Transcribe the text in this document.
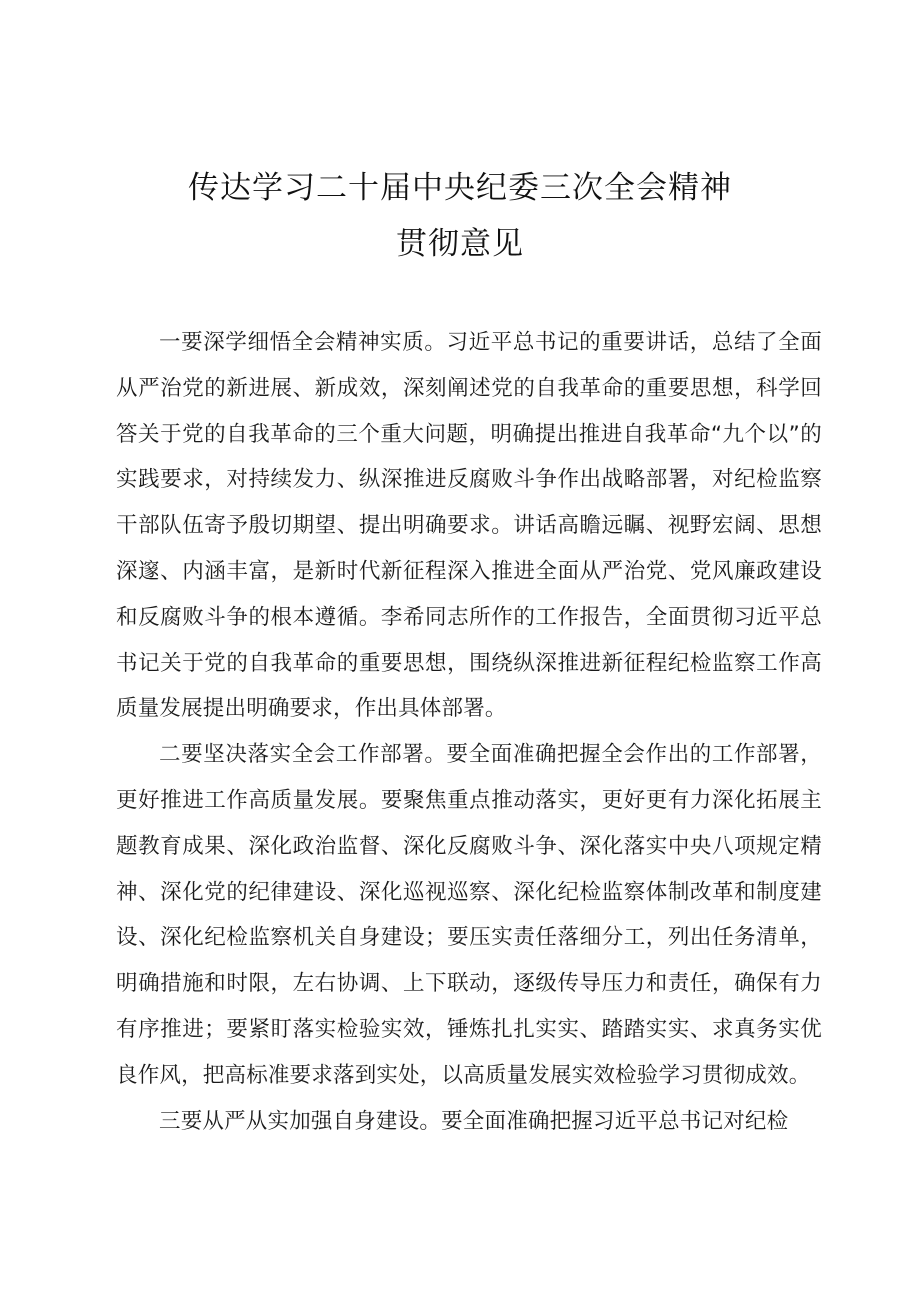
传达学习二十届中央纪委三次全会精神

贯彻意见

一要深学细悟全会精神实质。习近平总书记的重要讲话，总结了全面从严治党的新进展、新成效，深刻阐述党的自我革命的重要思想，科学回答关于党的自我革命的三个重大问题，明确提出推进自我革命“九个以”的实践要求，对持续发力、纵深推进反腐败斗争作出战略部署，对纪检监察干部队伍寄予殷切期望、提出明确要求。讲话高瞻远瞩、视野宏阔、思想深邃、内涵丰富，是新时代新征程深入推进全面从严治党、党风廉政建设和反腐败斗争的根本遵循。李希同志所作的工作报告，全面贯彻习近平总书记关于党的自我革命的重要思想，围绕纵深推进新征程纪检监察工作高质量发展提出明确要求，作出具体部署。

二要坚决落实全会工作部署。要全面准确把握全会作出的工作部署，更好推进工作高质量发展。要聚焦重点推动落实，更好更有力深化拓展主题教育成果、深化政治监督、深化反腐败斗争、深化落实中央八项规定精神、深化党的纪律建设、深化巡视巡察、深化纪检监察体制改革和制度建设、深化纪检监察机关自身建设；要压实责任落细分工，列出任务清单，明确措施和时限，左右协调、上下联动，逐级传导压力和责任，确保有力有序推进；要紧盯落实检验实效，锤炼扎扎实实、踏踏实实、求真务实优良作风，把高标准要求落到实处，以高质量发展实效检验学习贯彻成效。

三要从严从实加强自身建设。要全面准确把握习近平总书记对纪检
